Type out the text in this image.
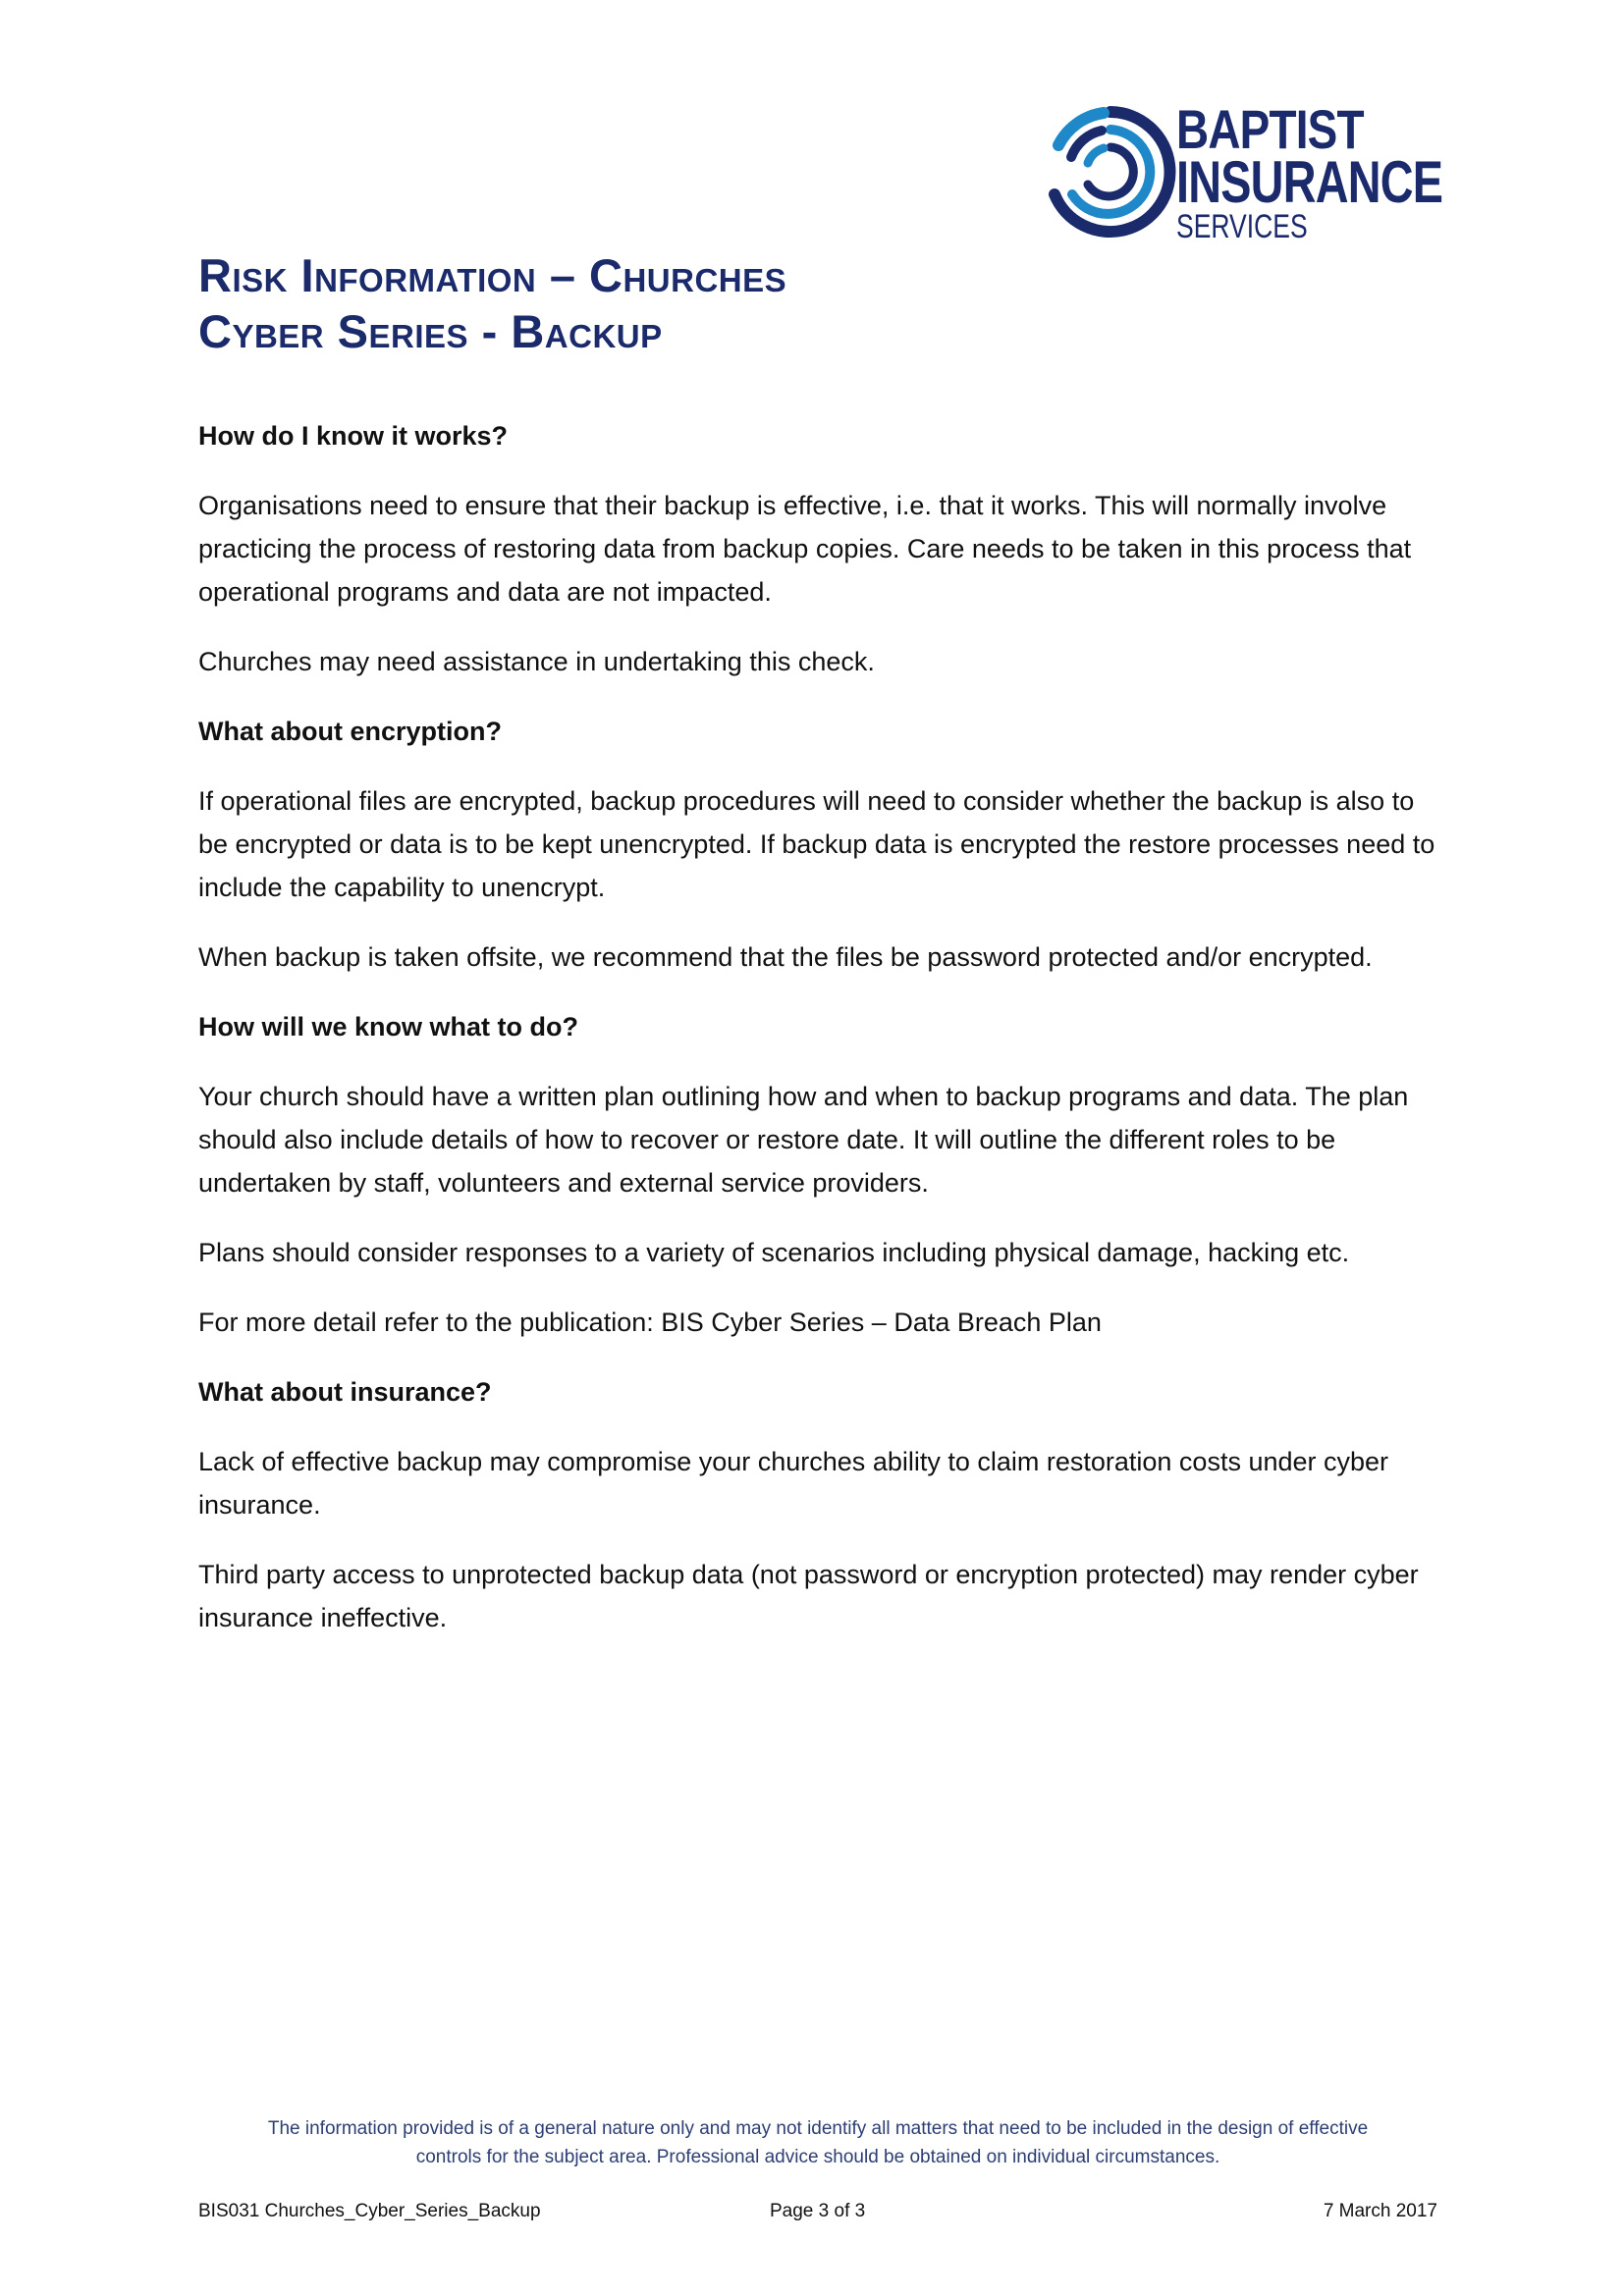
BAPTIST
INSURANCE
SERVICES
Risk Information – Churches
Cyber Series - Backup
How do I know it works?

Organisations need to ensure that their backup is effective, i.e. that it works. This will normally involve practicing the process of restoring data from backup copies. Care needs to be taken in this process that operational programs and data are not impacted.

Churches may need assistance in undertaking this check.

What about encryption?

If operational files are encrypted, backup procedures will need to consider whether the backup is also to be encrypted or data is to be kept unencrypted. If backup data is encrypted the restore processes need to include the capability to unencrypt.

When backup is taken offsite, we recommend that the files be password protected and/or encrypted.

How will we know what to do?

Your church should have a written plan outlining how and when to backup programs and data. The plan should also include details of how to recover or restore date. It will outline the different roles to be undertaken by staff, volunteers and external service providers.

Plans should consider responses to a variety of scenarios including physical damage, hacking etc.

For more detail refer to the publication: BIS Cyber Series – Data Breach Plan

What about insurance?

Lack of effective backup may compromise your churches ability to claim restoration costs under cyber insurance.

Third party access to unprotected backup data (not password or encryption protected) may render cyber insurance ineffective.

The information provided is of a general nature only and may not identify all matters that need to be included in the design of effective
controls for the subject area. Professional advice should be obtained on individual circumstances.
BIS031 Churches_Cyber_Series_Backup	Page 3 of 3	7 March 2017
